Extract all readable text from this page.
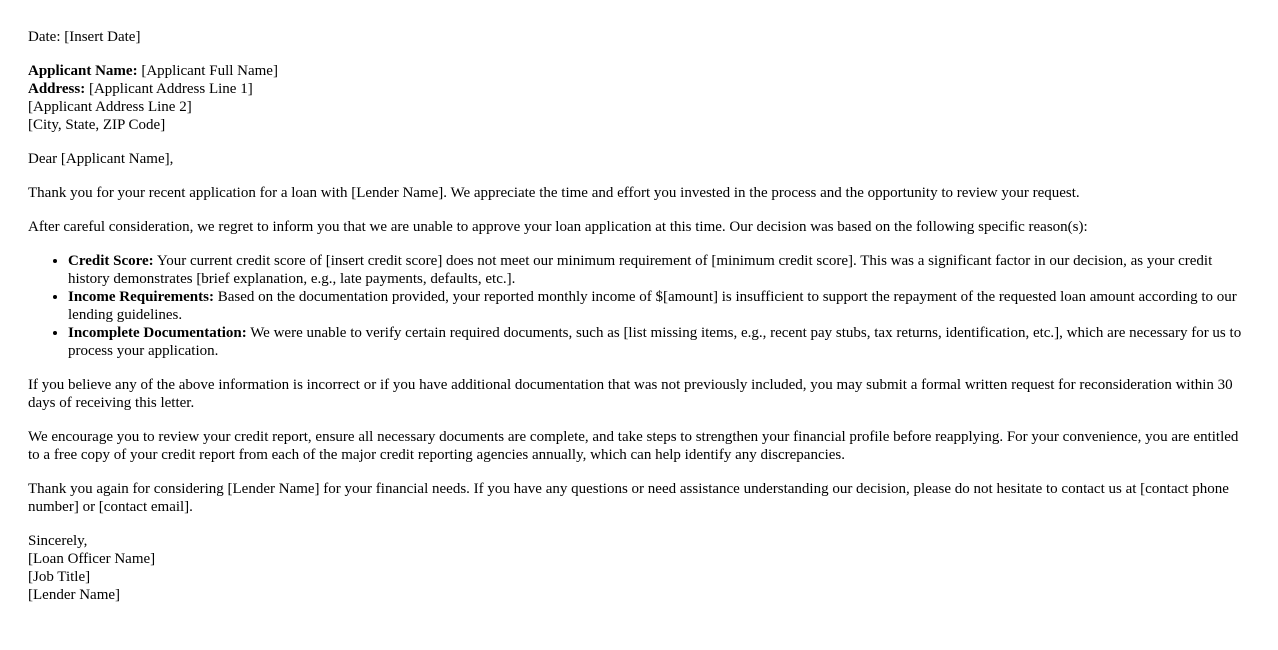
Date: [Insert Date]

Applicant Name: [Applicant Full Name]
Address: [Applicant Address Line 1]
[Applicant Address Line 2]
[City, State, ZIP Code]

Dear [Applicant Name],

Thank you for your recent application for a loan with [Lender Name]. We appreciate the time and effort you invested in the process and the opportunity to review your request.

After careful consideration, we regret to inform you that we are unable to approve your loan application at this time. Our decision was based on the following specific reason(s):

• Credit Score: Your current credit score of [insert credit score] does not meet our minimum requirement of [minimum credit score]. This was a significant factor in our decision, as your credit history demonstrates [brief explanation, e.g., late payments, defaults, etc.].
• Income Requirements: Based on the documentation provided, your reported monthly income of $[amount] is insufficient to support the repayment of the requested loan amount according to our lending guidelines.
• Incomplete Documentation: We were unable to verify certain required documents, such as [list missing items, e.g., recent pay stubs, tax returns, identification, etc.], which are necessary for us to process your application.

If you believe any of the above information is incorrect or if you have additional documentation that was not previously included, you may submit a formal written request for reconsideration within 30 days of receiving this letter.

We encourage you to review your credit report, ensure all necessary documents are complete, and take steps to strengthen your financial profile before reapplying. For your convenience, you are entitled to a free copy of your credit report from each of the major credit reporting agencies annually, which can help identify any discrepancies.

Thank you again for considering [Lender Name] for your financial needs. If you have any questions or need assistance understanding our decision, please do not hesitate to contact us at [contact phone number] or [contact email].

Sincerely,
[Loan Officer Name]
[Job Title]
[Lender Name]
